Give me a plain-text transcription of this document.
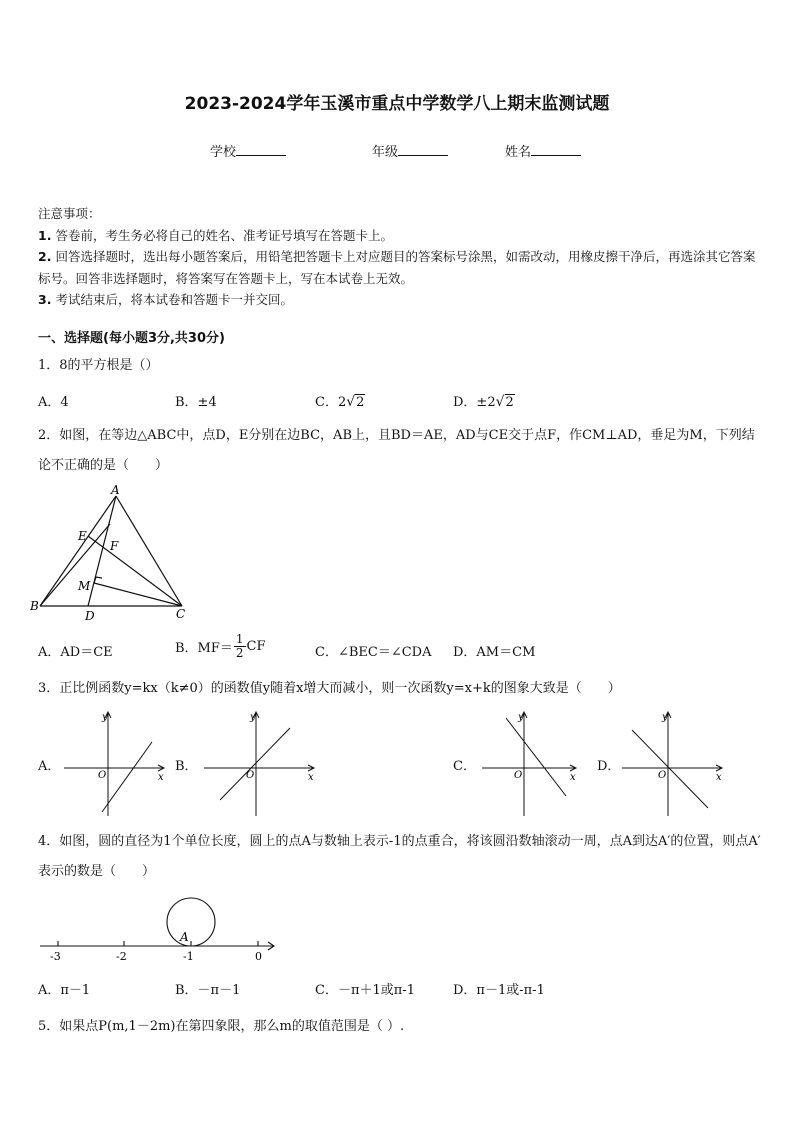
2023-2024学年玉溪市重点中学数学八上期末监测试题
学校	年级	姓名
注意事项：
1. 答卷前，考生务必将自己的姓名、准考证号填写在答题卡上。
2. 回答选择题时，选出每小题答案后，用铅笔把答题卡上对应题目的答案标号涂黑，如需改动，用橡皮擦干净后，再选涂其它答案标号。回答非选择题时，将答案写在答题卡上，写在本试卷上无效。
3. 考试结束后，将本试卷和答题卡一并交回。
一、选择题(每小题3分,共30分)
1．8的平方根是（）
A．4	B．±4	C．2√2	D．±2√2
2．如图，在等边△ABC中，点D，E分别在边BC，AB上，且BD＝AE，AD与CE交于点F，作CM⊥AD，垂足为M，下列结论不正确的是（　　）
A
B
C
D
E
F
M
A．AD＝CE	B．$MF= \frac{1}{2}$ CF	C．∠BEC＝∠CDA D．AM＝CM
3．正比例函数y=kx（k≠0）的函数值y随着x增大而减小，则一次函数y=x+k的图象大致是（　　）
A．
y
x
O
B．
y
x
O
C．
y
x
O
D．
y
x
O
4．如图，圆的直径为1个单位长度，圆上的点A与数轴上表示-1的点重合，将该圆沿数轴滚动一周，点A到达A′的位置，则点A′表示的数是（　　）
-3	-2	-1	0
A
A．π－1	B．－π－1	C．－π＋1或π-1	D．π－1或-π-1
5．如果点P(m,1－2m)在第四象限，那么m的取值范围是（ ）.
